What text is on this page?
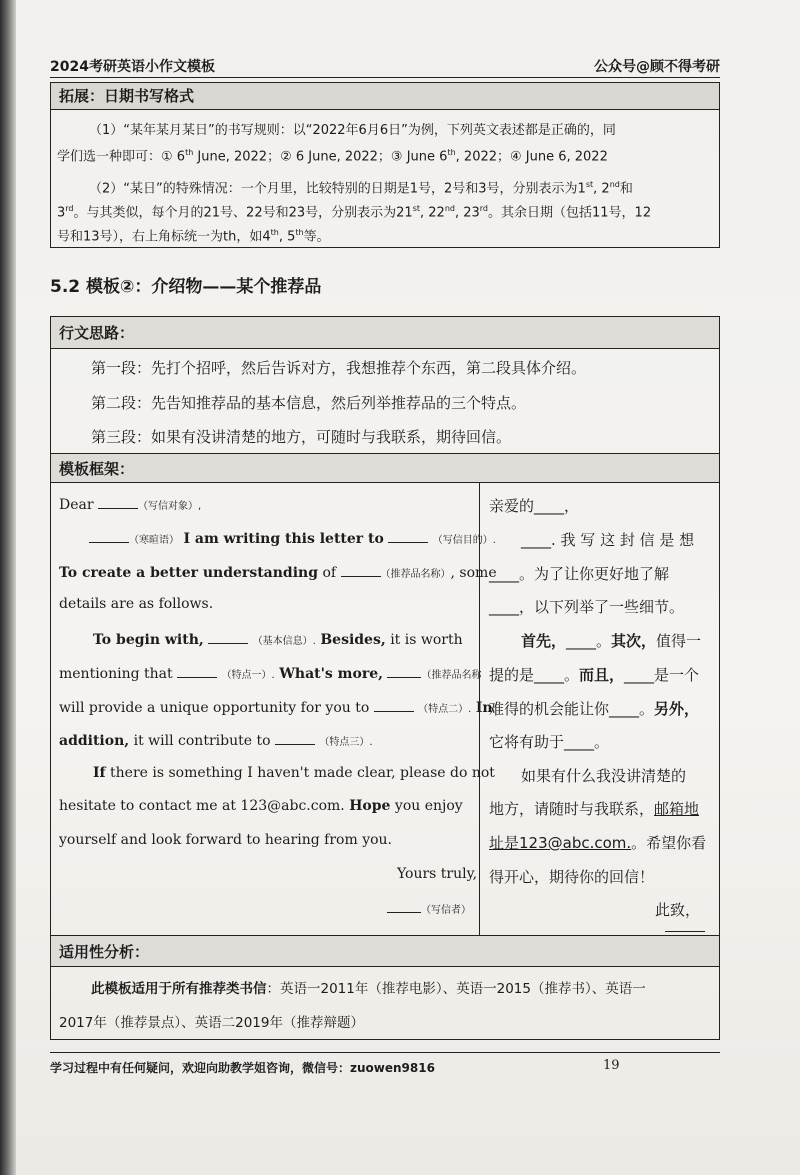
2024考研英语小作文模板	公众号@顾不得考研
拓展：日期书写格式
（1）“某年某月某日”的书写规则：以“2022年6月6日”为例，下列英文表述都是正确的，同
学们选一种即可：① 6th June, 2022；② 6 June, 2022；③ June 6th, 2022；④ June 6, 2022
（2）“某日”的特殊情况：一个月里，比较特别的日期是1号，2号和3号，分别表示为1st, 2nd和
3rd。与其类似，每个月的21号、22号和23号，分别表示为21st, 22nd, 23rd。其余日期（包括11号，12
号和13号），右上角标统一为th，如4th, 5th等。
5.2 模板②：介绍物——某个推荐品
行文思路：
第一段：先打个招呼，然后告诉对方，我想推荐个东西，第二段具体介绍。
第二段：先告知推荐品的基本信息，然后列举推荐品的三个特点。
第三段：如果有没讲清楚的地方，可随时与我联系，期待回信。
模板框架：
Dear	（写信对象）,
（寒暄语） I am writing this letter to	（写信目的）.
To create a better understanding of	（推荐品名称）, some
details are as follows.
To begin with,	（基本信息）. Besides, it is worth
mentioning that	（特点一）. What's more,	（推荐品名称
will provide a unique opportunity for you to	（特点二）. In
addition, it will contribute to	（特点三）.
If there is something I haven't made clear, please do not
hesitate to contact me at 123@abc.com. Hope you enjoy
yourself and look forward to hearing from you.
Yours truly,
（写信者）
亲爱的____，
____. 我 写 这 封 信 是 想
____。为了让你更好地了解
____，以下列举了一些细节。
首先，____。其次，值得一
提的是____。而且，____是一个
难得的机会能让你____。另外，
它将有助于____。
如果有什么我没讲清楚的
地方，请随时与我联系，邮箱地
址是123@abc.com.。希望你看
得开心，期待你的回信！
此致，
适用性分析：
此模板适用于所有推荐类书信：英语一2011年（推荐电影）、英语一2015（推荐书）、英语一
2017年（推荐景点）、英语二2019年（推荐辩题）
学习过程中有任何疑问，欢迎向助教学姐咨询，微信号：zuowen9816	19
